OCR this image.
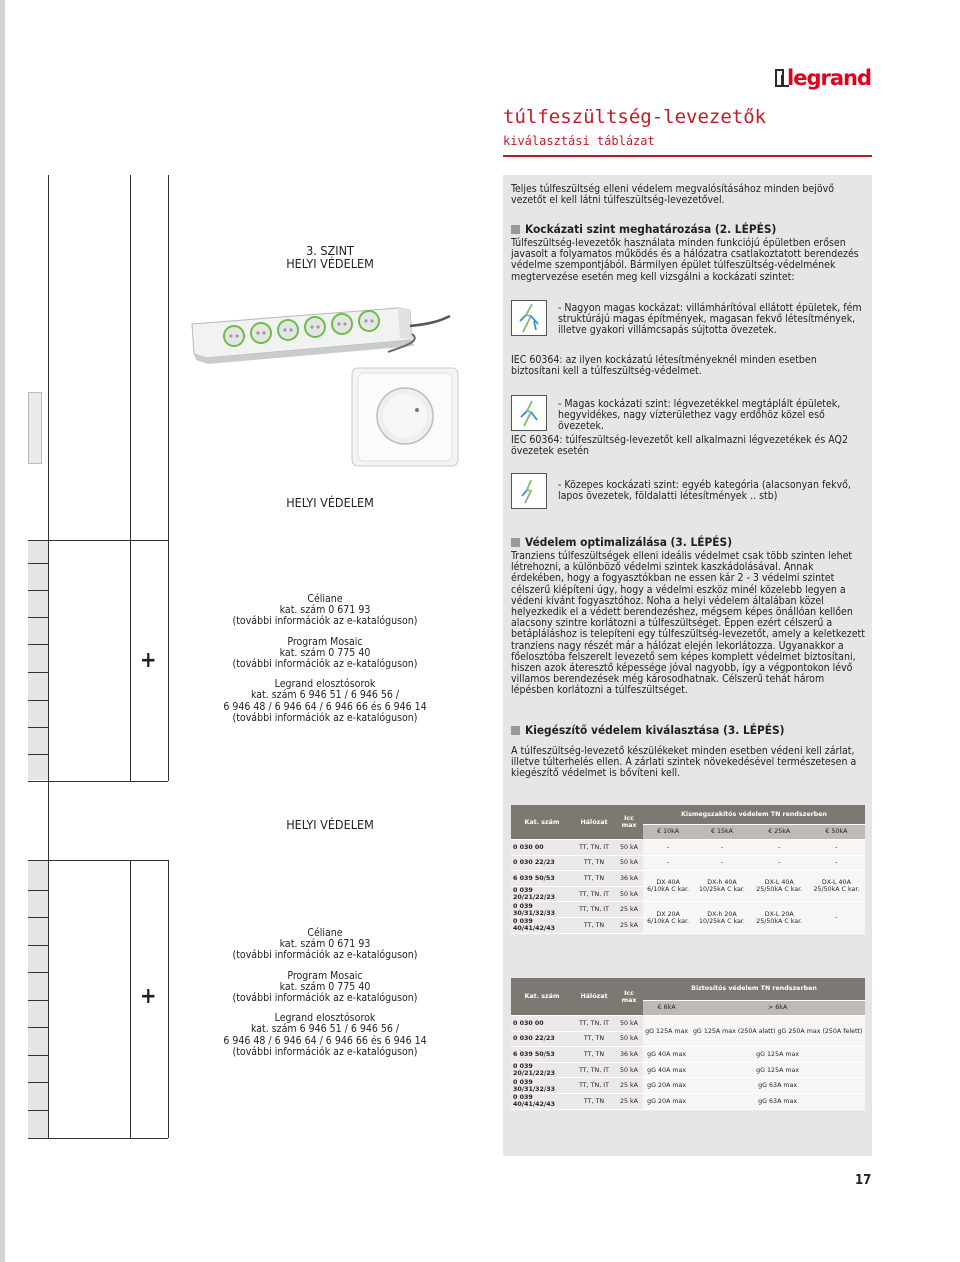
legrand
túlfeszültség-levezetők
kiválasztási táblázat
3. SZINT
HELYI VÉDELEM
HELYI VÉDELEM
+
Céliane
kat. szám 0 671 93
(további információk az e-katalóguson)
Program Mosaic
kat. szám 0 775 40
(további információk az e-katalóguson)
Legrand elosztósorok
kat. szám 6 946 51 / 6 946 56 /
6 946 48 / 6 946 64 / 6 946 66 és 6 946 14
(további információk az e-katalóguson)
HELYI VÉDELEM
+
Céliane
kat. szám 0 671 93
(további információk az e-katalóguson)
Program Mosaic
kat. szám 0 775 40
(további információk az e-katalóguson)
Legrand elosztósorok
kat. szám 6 946 51 / 6 946 56 /
6 946 48 / 6 946 64 / 6 946 66 és 6 946 14
(további információk az e-katalóguson)
Teljes túlfeszültség elleni védelem megvalósításához minden bejövő vezetőt el kell látni túlfeszültség-levezetővel.
Kockázati szint meghatározása (2. LÉPÉS)
Túlfeszültség-levezetők használata minden funkciójú épületben erősen javasolt a folyamatos működés és a hálózatra csatlakoztatott berendezés védelme szempontjából. Bármilyen épület túlfeszültség-védelmének megtervezése esetén meg kell vizsgálni a kockázati szintet:
- Nagyon magas kockázat: villámhárítóval ellátott épületek, fém struktúrájú magas építmények, magasan fekvő létesítmények, illetve gyakori villámcsapás sújtotta övezetek.
IEC 60364: az ilyen kockázatú létesítményeknél minden esetben biztosítani kell a túlfeszültség-védelmet.
- Magas kockázati szint: légvezetékkel megtáplált épületek, hegyvidékes, nagy vízterülethez vagy erdőhöz közel eső övezetek.
IEC 60364: túlfeszültség-levezetőt kell alkalmazni légvezetékek és AQ2 övezetek esetén
- Közepes kockázati szint: egyéb kategória (alacsonyan fekvő, lapos övezetek, földalatti létesítmények .. stb)
Védelem optimalizálása (3. LÉPÉS)
Tranziens túlfeszültségek elleni ideális védelmet csak több szinten lehet létrehozni, a különböző védelmi szintek kaszkádolásával. Annak érdekében, hogy a fogyasztókban ne essen kár 2 - 3 védelmi szintet célszerű kiépíteni úgy, hogy a védelmi eszköz minél közelebb legyen a védeni kívánt fogyasztóhoz. Noha a helyi védelem általában közel helyezkedik el a védett berendezéshez, mégsem képes önállóan kellően alacsony szintre korlátozni a túlfeszültséget. Éppen ezért célszerű a betápláláshoz is telepíteni egy túlfeszültség-levezetőt, amely a keletkezett tranziens nagy részét már a hálózat elején lekorlátozza. Ugyanakkor a főelosztóba felszerelt levezető sem képes komplett védelmet biztosítani, hiszen azok áteresztő képessége jóval nagyobb, így a végpontokon lévő villamos berendezések még károsodhatnak. Célszerű tehát három lépésben korlátozni a túlfeszültséget.
Kiegészítő védelem kiválasztása (3. LÉPÉS)
A túlfeszültség-levezető készülékeket minden esetben védeni kell zárlat, illetve túlterhelés ellen. A zárlati szintek növekedésével természetesen a kiegészítő védelmet is bővíteni kell.
Kat. szám	Hálózat	Icc max	Kismegszakítós védelem TN rendszerben			
			€ 10kA	€ 15kA	€ 25kA	€ 50kA
0 030 00	TT, TN, IT	50 kA	-	-	-	-
0 030 22/23	TT, TN	50 kA	-	-	-	-
6 039 50/53	TT, TN	36 kA	DX 40A 6/10kA C kar.	DX-h 40A 10/25kA C kar.	DX-L 40A 25/50kA C kar.	DX-L 40A 25/50kA C kar.
0 039 20/21/22/23	TT, TN, IT	50 kA				
0 039 30/31/32/33	TT, TN, IT	25 kA	DX 20A 6/10kA C kar.	DX-h 20A 10/25kA C kar.	DX-L 20A 25/50kA C kar.	-
0 039 40/41/42/43	TT, TN	25 kA				
Kat. szám	Hálózat	Icc max	Biztosítós védelem TN rendszerben	
			€ 6kA	> 6kA
0 030 00	TT, TN, IT	50 kA	gG 125A max	gG 125A max (250A alatt) gG 250A max (250A felett)
0 030 22/23	TT, TN	50 kA		
6 039 50/53	TT, TN	36 kA	gG 40A max	gG 125A max
0 039 20/21/22/23	TT, TN, IT	50 kA	gG 40A max	gG 125A max
0 039 30/31/32/33	TT, TN, IT	25 kA	gG 20A max	gG 63A max
0 039 40/41/42/43	TT, TN	25 kA	gG 20A max	gG 63A max
17
